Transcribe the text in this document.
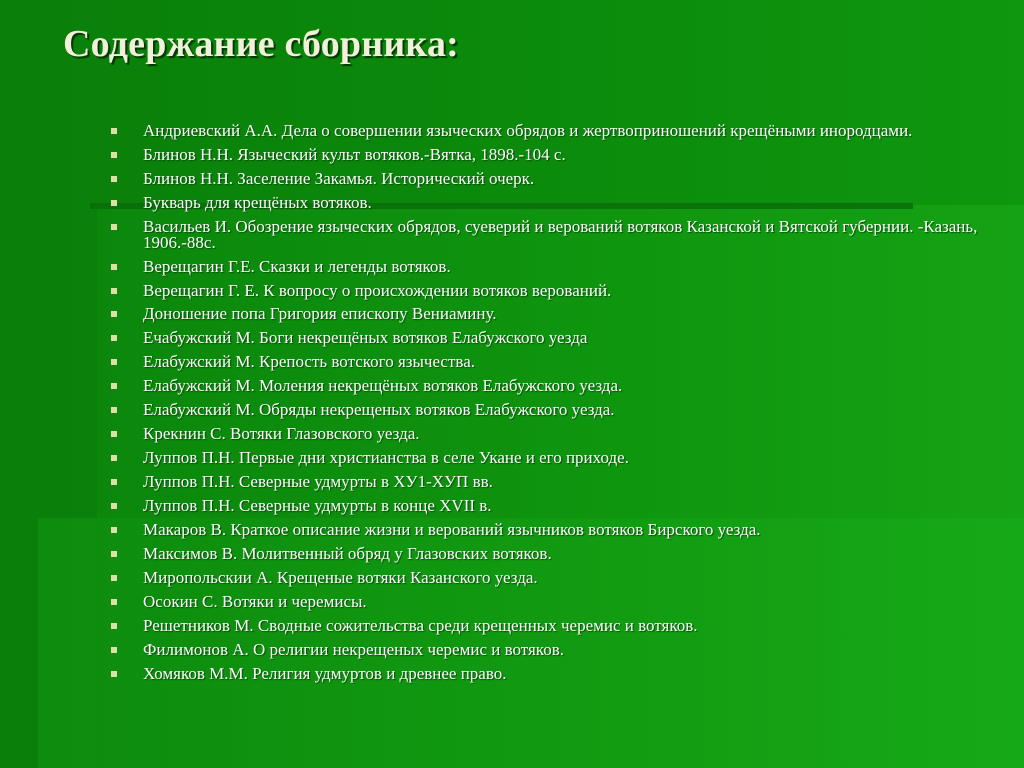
Содержание сборника:
Андриевский А.А. Дела о совершении языческих обрядов и жертвоприношений крещёными инородцами.
Блинов Н.Н. Языческий культ вотяков.-Вятка, 1898.-104 с.
Блинов Н.Н. Заселение Закамья. Исторический очерк.
Букварь для крещёных вотяков.
Васильев И. Обозрение языческих обрядов, суеверий и верований вотяков Казанской и Вятской губернии. -Казань, 1906.-88с.
Верещагин Г.Е. Сказки и легенды вотяков.
Верещагин Г. Е. К вопросу о происхождении вотяков верований.
Доношение попа Григория епископу Вениамину.
Ечабужский М. Боги некрещёных вотяков Елабужского уезда
Елабужский М. Крепость вотского язычества.
Елабужский М. Моления некрещёных вотяков Елабужского уезда.
Елабужский М. Обряды некрещеных вотяков Елабужского уезда.
Крекнин С. Вотяки Глазовского уезда.
Луппов П.Н. Первые дни христианства в селе Укане и его приходе.
Луппов П.Н. Северные удмурты в ХУ1-ХУП вв.
Луппов П.Н. Северные удмурты в конце XVII в.
Макаров В. Краткое описание жизни и верований язычников вотяков Бирского уезда.
Максимов В. Молитвенный обряд у Глазовских вотяков.
Миропольскии А. Крещеные вотяки Казанского уезда.
Осокин С. Вотяки и черемисы.
Решетников М. Сводные сожительства среди крещенных черемис и вотяков.
Филимонов А. О религии некрещеных черемис и вотяков.
Хомяков М.М. Религия удмуртов и древнее право.
